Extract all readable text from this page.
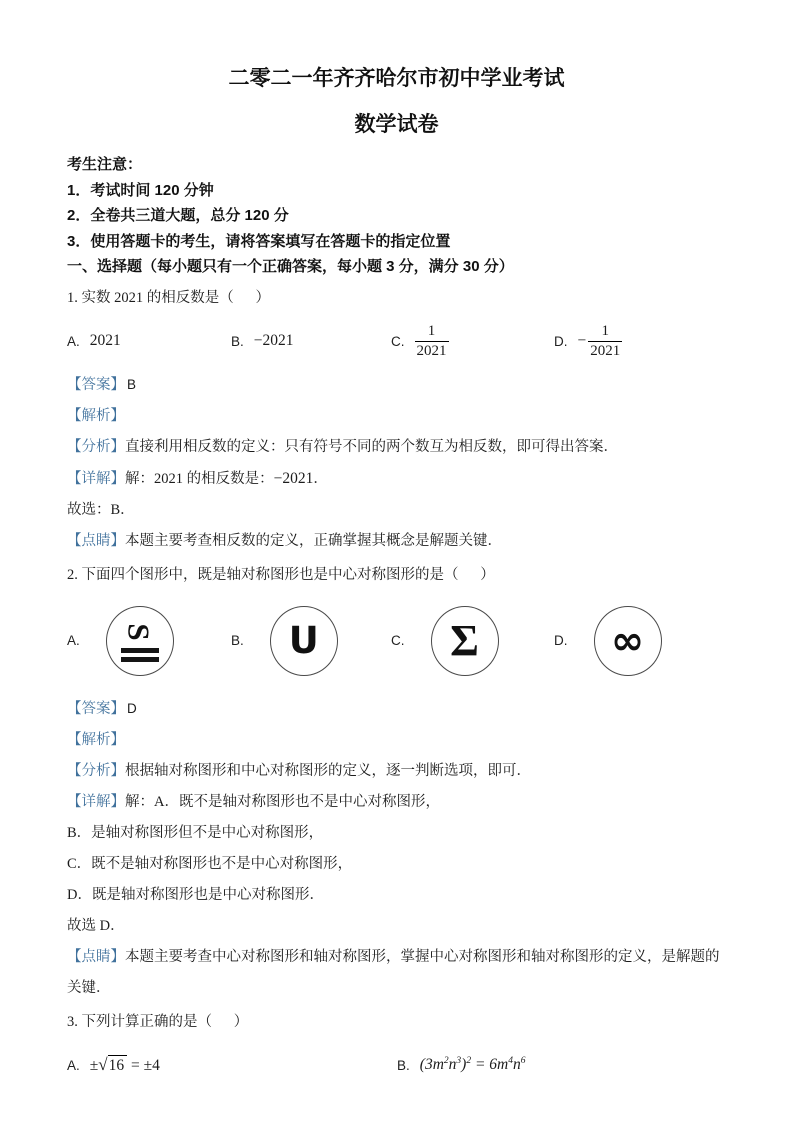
二零二一年齐齐哈尔市初中学业考试
数学试卷

考生注意：

1．考试时间 120 分钟

2．全卷共三道大题，总分 120 分

3．使用答题卡的考生，请将答案填写在答题卡的指定位置

一、选择题（每小题只有一个正确答案，每小题 3 分，满分 30 分）

1. 实数 2021 的相反数是（      ）

A. 2021	B. −2021	C. $\frac{1}{2021}$	D. − $\frac{1}{2021}$

【答案】 B

【解析】

【分析】直接利用相反数的定义：只有符号不同的两个数互为相反数，即可得出答案．

【详解】解：2021 的相反数是：−2021．

故选：B．

【点睛】本题主要考查相反数的定义，正确掌握其概念是解题关键．

2. 下面四个图形中，既是轴对称图形也是中心对称图形的是（      ）

A.
S
B. U	C. Σ	D. ∞

【答案】 D

【解析】

【分析】根据轴对称图形和中心对称图形的定义，逐一判断选项，即可．

【详解】解：A．既不是轴对称图形也不是中心对称图形，

B．是轴对称图形但不是中心对称图形，

C．既不是轴对称图形也不是中心对称图形，

D．既是轴对称图形也是中心对称图形．

故选 D．

【点睛】本题主要考查中心对称图形和轴对称图形，掌握中心对称图形和轴对称图形的定义，是解题的关键．

3. 下列计算正确的是（      ）

A. ±√16 = ±4	B. $(3m^2n^3)^2 = 6m^4n^6$
